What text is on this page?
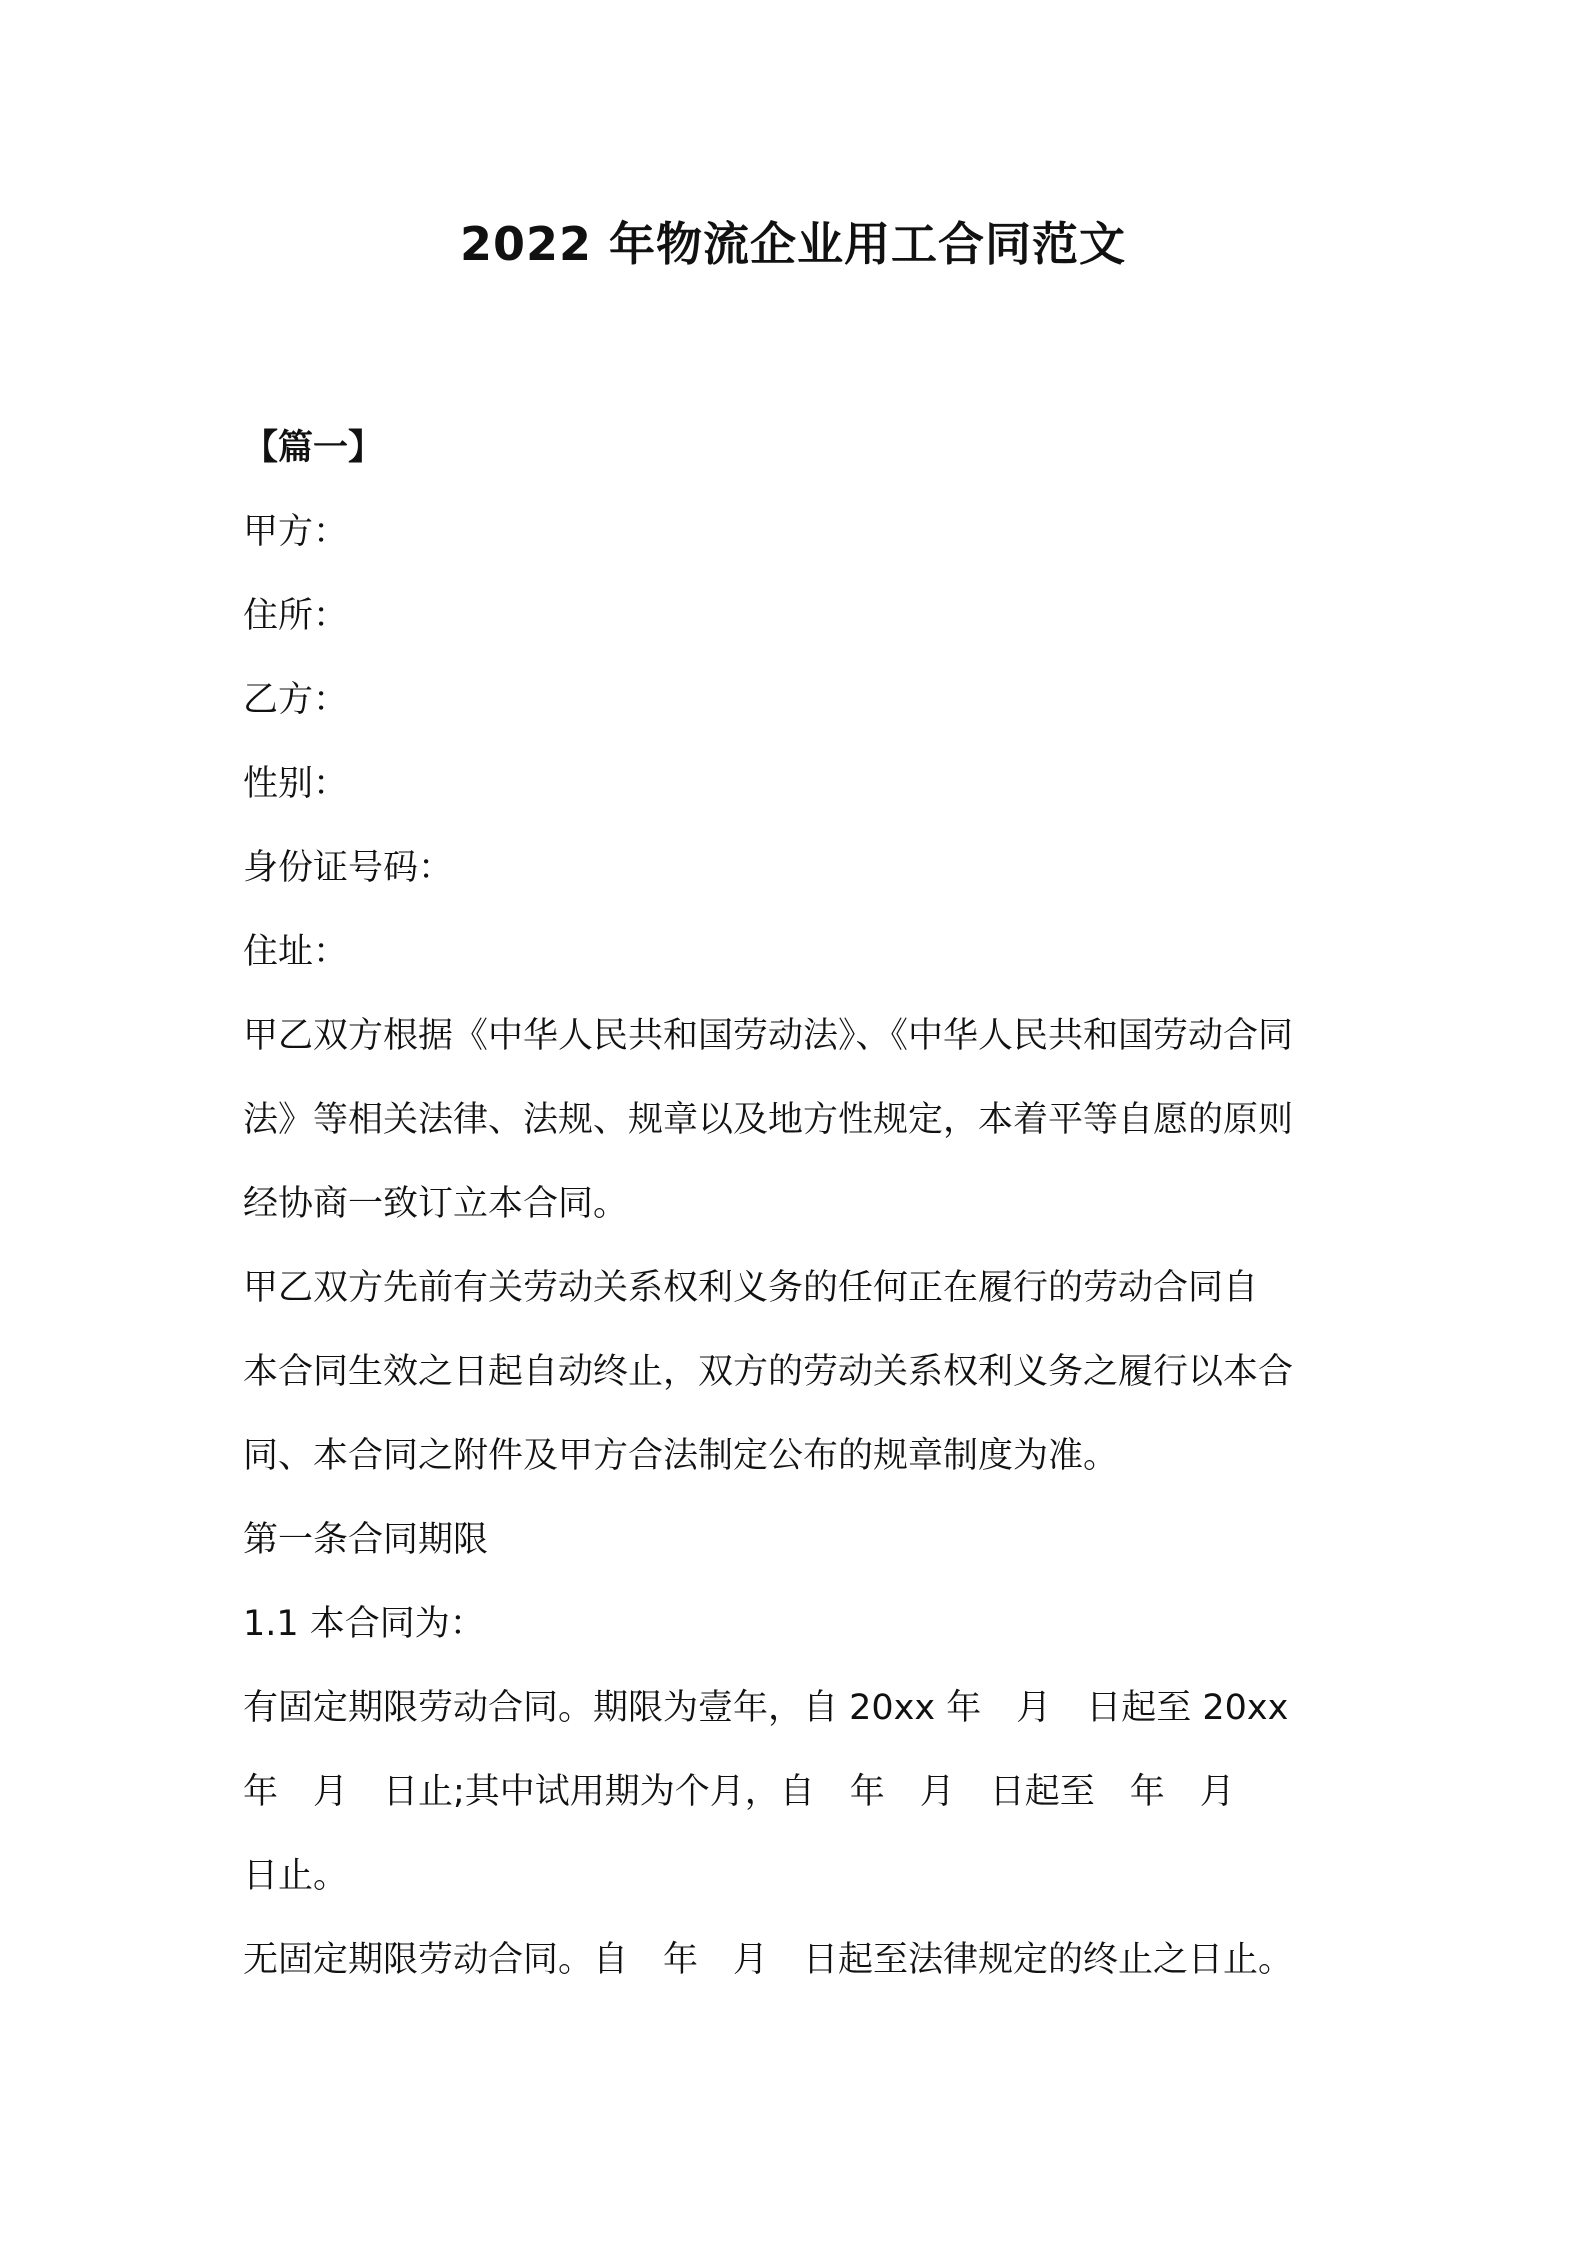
2022 年物流企业用工合同范文
【篇一】
甲方：
住所：
乙方：
性别：
身份证号码：
住址：
甲乙双方根据《中华人民共和国劳动法》、《中华人民共和国劳动合同
法》等相关法律、法规、规章以及地方性规定，本着平等自愿的原则
经协商一致订立本合同。
甲乙双方先前有关劳动关系权利义务的任何正在履行的劳动合同自
本合同生效之日起自动终止，双方的劳动关系权利义务之履行以本合
同、本合同之附件及甲方合法制定公布的规章制度为准。
第一条合同期限
1.1 本合同为：
有固定期限劳动合同。期限为壹年，自 20xx 年　月　日起至 20xx
年　月　日止;其中试用期为个月，自　年　月　日起至　年　月
日止。
无固定期限劳动合同。自　年　月　日起至法律规定的终止之日止。
